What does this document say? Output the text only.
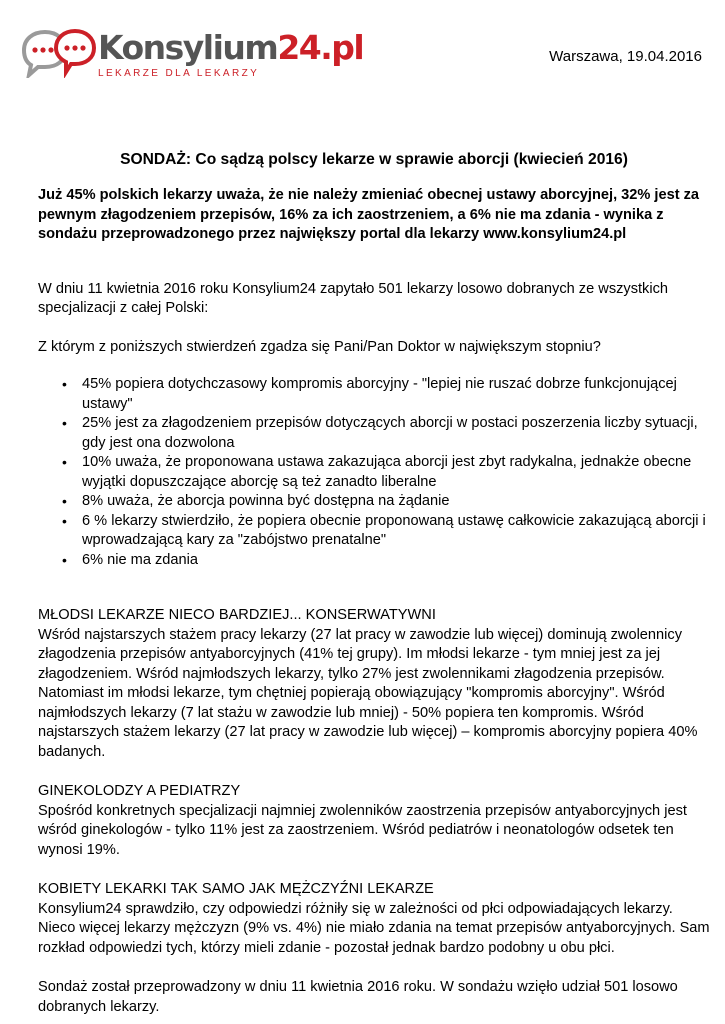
Konsylium24.pl
LEKARZE DLA LEKARZY
Warszawa, 19.04.2016
SONDAŻ: Co sądzą polscy lekarze w sprawie aborcji (kwiecień 2016)

Już 45% polskich lekarzy uważa, że nie należy zmieniać obecnej ustawy aborcyjnej, 32% jest za pewnym złagodzeniem przepisów, 16% za ich zaostrzeniem, a 6% nie ma zdania - wynika z sondażu przeprowadzonego przez największy portal dla lekarzy www.konsylium24.pl

W dniu 11 kwietnia 2016 roku Konsylium24 zapytało 501 lekarzy losowo dobranych ze wszystkich specjalizacji z całej Polski:

Z którym z poniższych stwierdzeń zgadza się Pani/Pan Doktor w największym stopniu?

• 45% popiera dotychczasowy kompromis aborcyjny - "lepiej nie ruszać dobrze funkcjonującej ustawy"
• 25% jest za złagodzeniem przepisów dotyczących aborcji w postaci poszerzenia liczby sytuacji, gdy jest ona dozwolona
• 10% uważa, że proponowana ustawa zakazująca aborcji jest zbyt radykalna, jednakże obecne wyjątki dopuszczające aborcję są też zanadto liberalne
• 8% uważa, że aborcja powinna być dostępna na żądanie
• 6 % lekarzy stwierdziło, że popiera obecnie proponowaną ustawę całkowicie zakazującą aborcji i wprowadzającą kary za "zabójstwo prenatalne"
• 6% nie ma zdania

MŁODSI LEKARZE NIECO BARDZIEJ... KONSERWATYWNI

Wśród najstarszych stażem pracy lekarzy (27 lat pracy w zawodzie lub więcej) dominują zwolennicy złagodzenia przepisów antyaborcyjnych (41% tej grupy). Im młodsi lekarze - tym mniej jest za jej złagodzeniem. Wśród najmłodszych lekarzy, tylko 27% jest zwolennikami złagodzenia przepisów. Natomiast im młodsi lekarze, tym chętniej popierają obowiązujący "kompromis aborcyjny". Wśród najmłodszych lekarzy (7 lat stażu w zawodzie lub mniej) - 50% popiera ten kompromis. Wśród najstarszych stażem lekarzy (27 lat pracy w zawodzie lub więcej) – kompromis aborcyjny popiera 40% badanych.

GINEKOLODZY A PEDIATRZY

Spośród konkretnych specjalizacji najmniej zwolenników zaostrzenia przepisów antyaborcyjnych jest wśród ginekologów - tylko 11% jest za zaostrzeniem. Wśród pediatrów i neonatologów odsetek ten wynosi 19%.

KOBIETY LEKARKI TAK SAMO JAK MĘŻCZYŹNI LEKARZE

Konsylium24 sprawdziło, czy odpowiedzi różniły się w zależności od płci odpowiadających lekarzy. Nieco więcej lekarzy mężczyzn (9% vs. 4%) nie miało zdania na temat przepisów antyaborcyjnych. Sam rozkład odpowiedzi tych, którzy mieli zdanie - pozostał jednak bardzo podobny u obu płci.

Sondaż został przeprowadzony w dniu 11 kwietnia 2016 roku. W sondażu wzięło udział 501 losowo dobranych lekarzy.
